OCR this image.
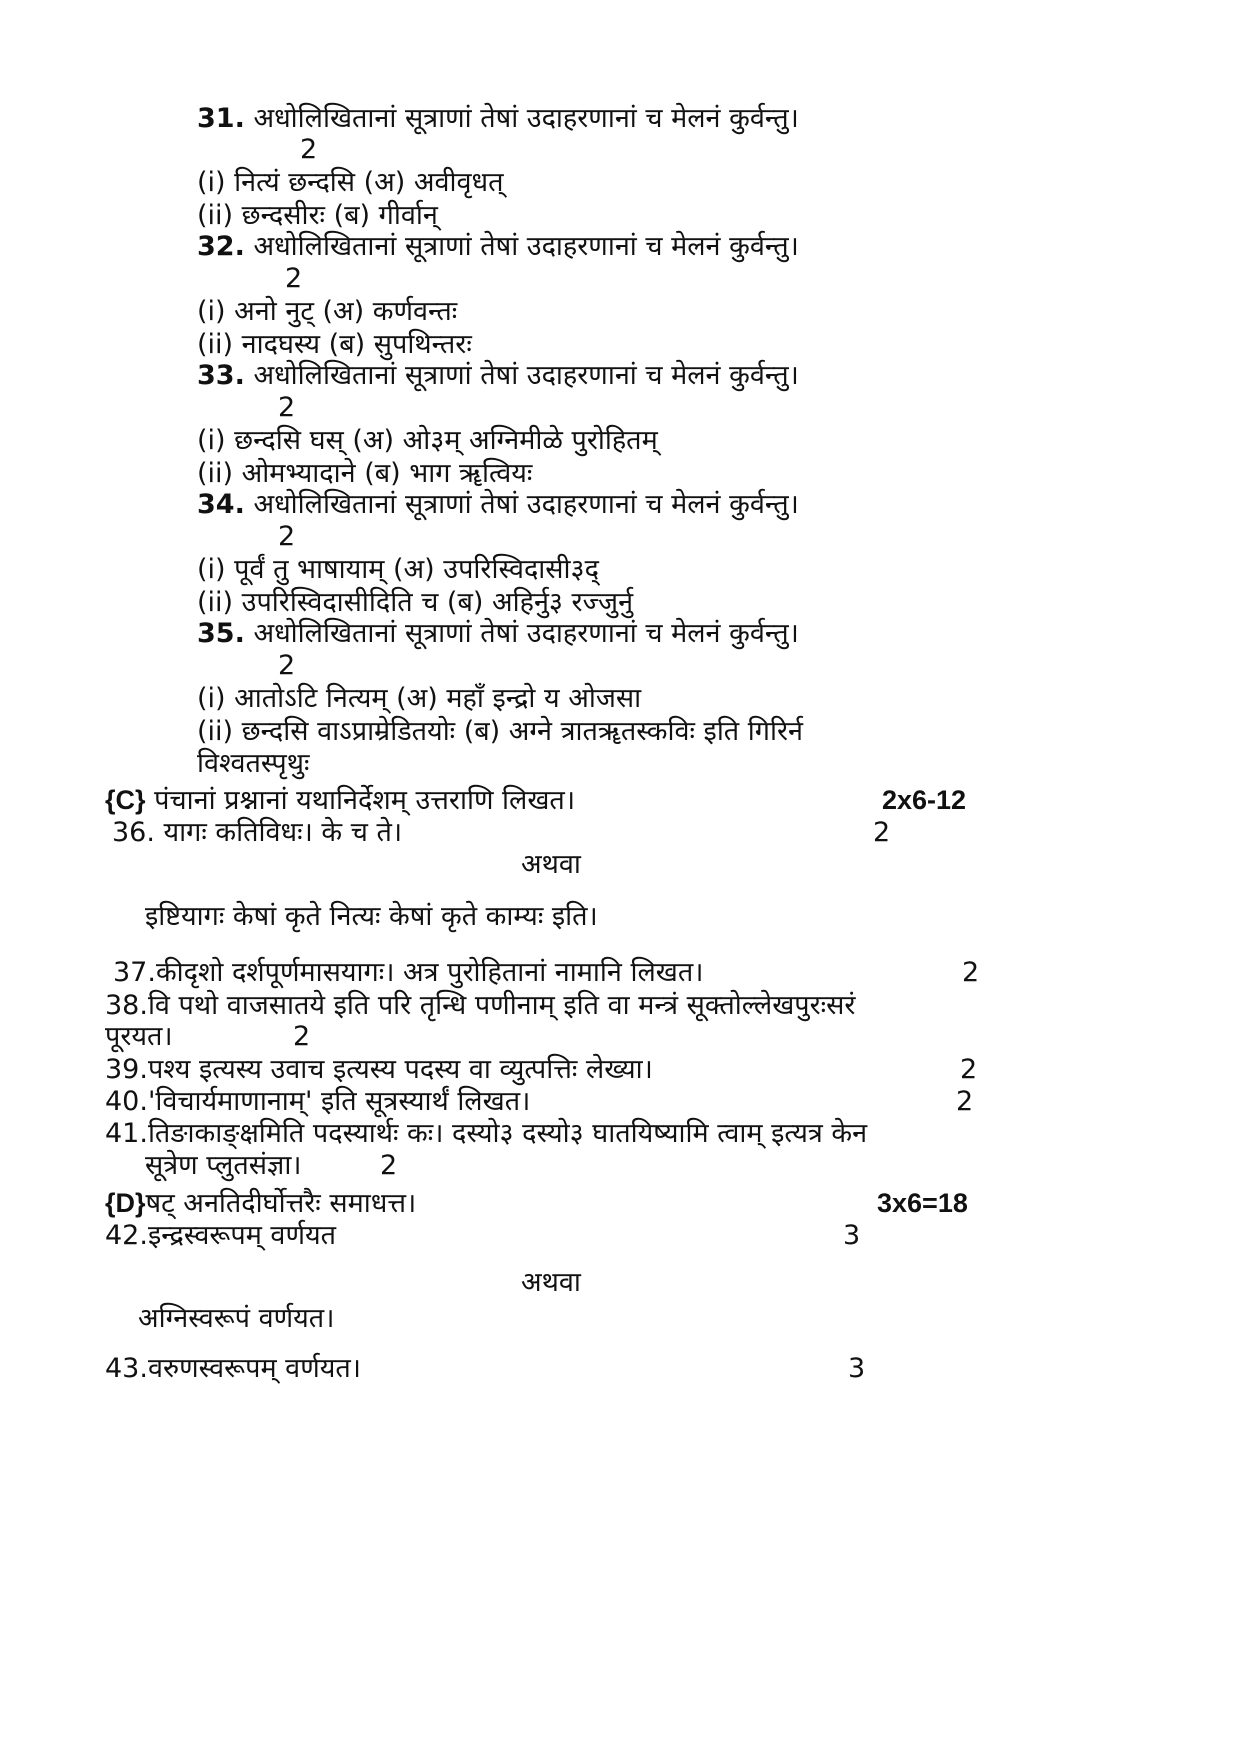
31. अधोलिखितानां सूत्राणां तेषां उदाहरणानां च मेलनं कुर्वन्तु।
2
(i) नित्यं छन्दसि (अ) अवीवृधत्
(ii) छन्दसीरः (ब) गीर्वान्
32. अधोलिखितानां सूत्राणां तेषां उदाहरणानां च मेलनं कुर्वन्तु।
2
(i) अनो नुट् (अ) कर्णवन्तः
(ii) नादघस्य (ब) सुपथिन्तरः
33. अधोलिखितानां सूत्राणां तेषां उदाहरणानां च मेलनं कुर्वन्तु।
2
(i) छन्दसि घस् (अ) ओ३म् अग्निमीळे पुरोहितम्
(ii) ओमभ्यादाने (ब) भाग ॠत्वियः
34. अधोलिखितानां सूत्राणां तेषां उदाहरणानां च मेलनं कुर्वन्तु।
2
(i) पूर्वं तु भाषायाम् (अ) उपरिस्विदासी३द्
(ii) उपरिस्विदासीदिति च (ब) अहिर्नु३ रज्जुर्नु
35. अधोलिखितानां सूत्राणां तेषां उदाहरणानां च मेलनं कुर्वन्तु।
2
(i) आतोऽटि नित्यम् (अ) महाँ इन्द्रो य ओजसा
(ii) छन्दसि वाऽप्राम्रेडितयोः (ब) अग्ने त्रातॠतस्कविः इति गिरिर्न
विश्वतस्पृथुः
{C} पंचानां प्रश्नानां यथानिर्देशम् उत्तराणि लिखत।	2x6-12
36. यागः कतिविधः। के च ते।	2
अथवा
इष्टियागः केषां कृते नित्यः केषां कृते काम्यः इति।
37.कीदृशो दर्शपूर्णमासयागः। अत्र पुरोहितानां नामानि लिखत।	2
38.वि पथो वाजसातये इति परि तृन्धि पणीनाम् इति वा मन्त्रं सूक्तोल्लेखपुरःसरं
पूरयत।	2
39.पश्य इत्यस्य उवाच इत्यस्य पदस्य वा व्युत्पत्तिः लेख्या।	2
40.'विचार्यमाणानाम्' इति सूत्रस्यार्थं लिखत।	2
41.तिङाकाङ्क्षमिति पदस्यार्थः कः। दस्यो३ दस्यो३ घातयिष्यामि त्वाम् इत्यत्र केन
सूत्रेण प्लुतसंज्ञा।	2
{D}षट् अनतिदीर्घोत्तरैः समाधत्त।	3x6=18
42.इन्द्रस्वरूपम् वर्णयत	3
अथवा
अग्निस्वरूपं वर्णयत।
43.वरुणस्वरूपम् वर्णयत।	3
